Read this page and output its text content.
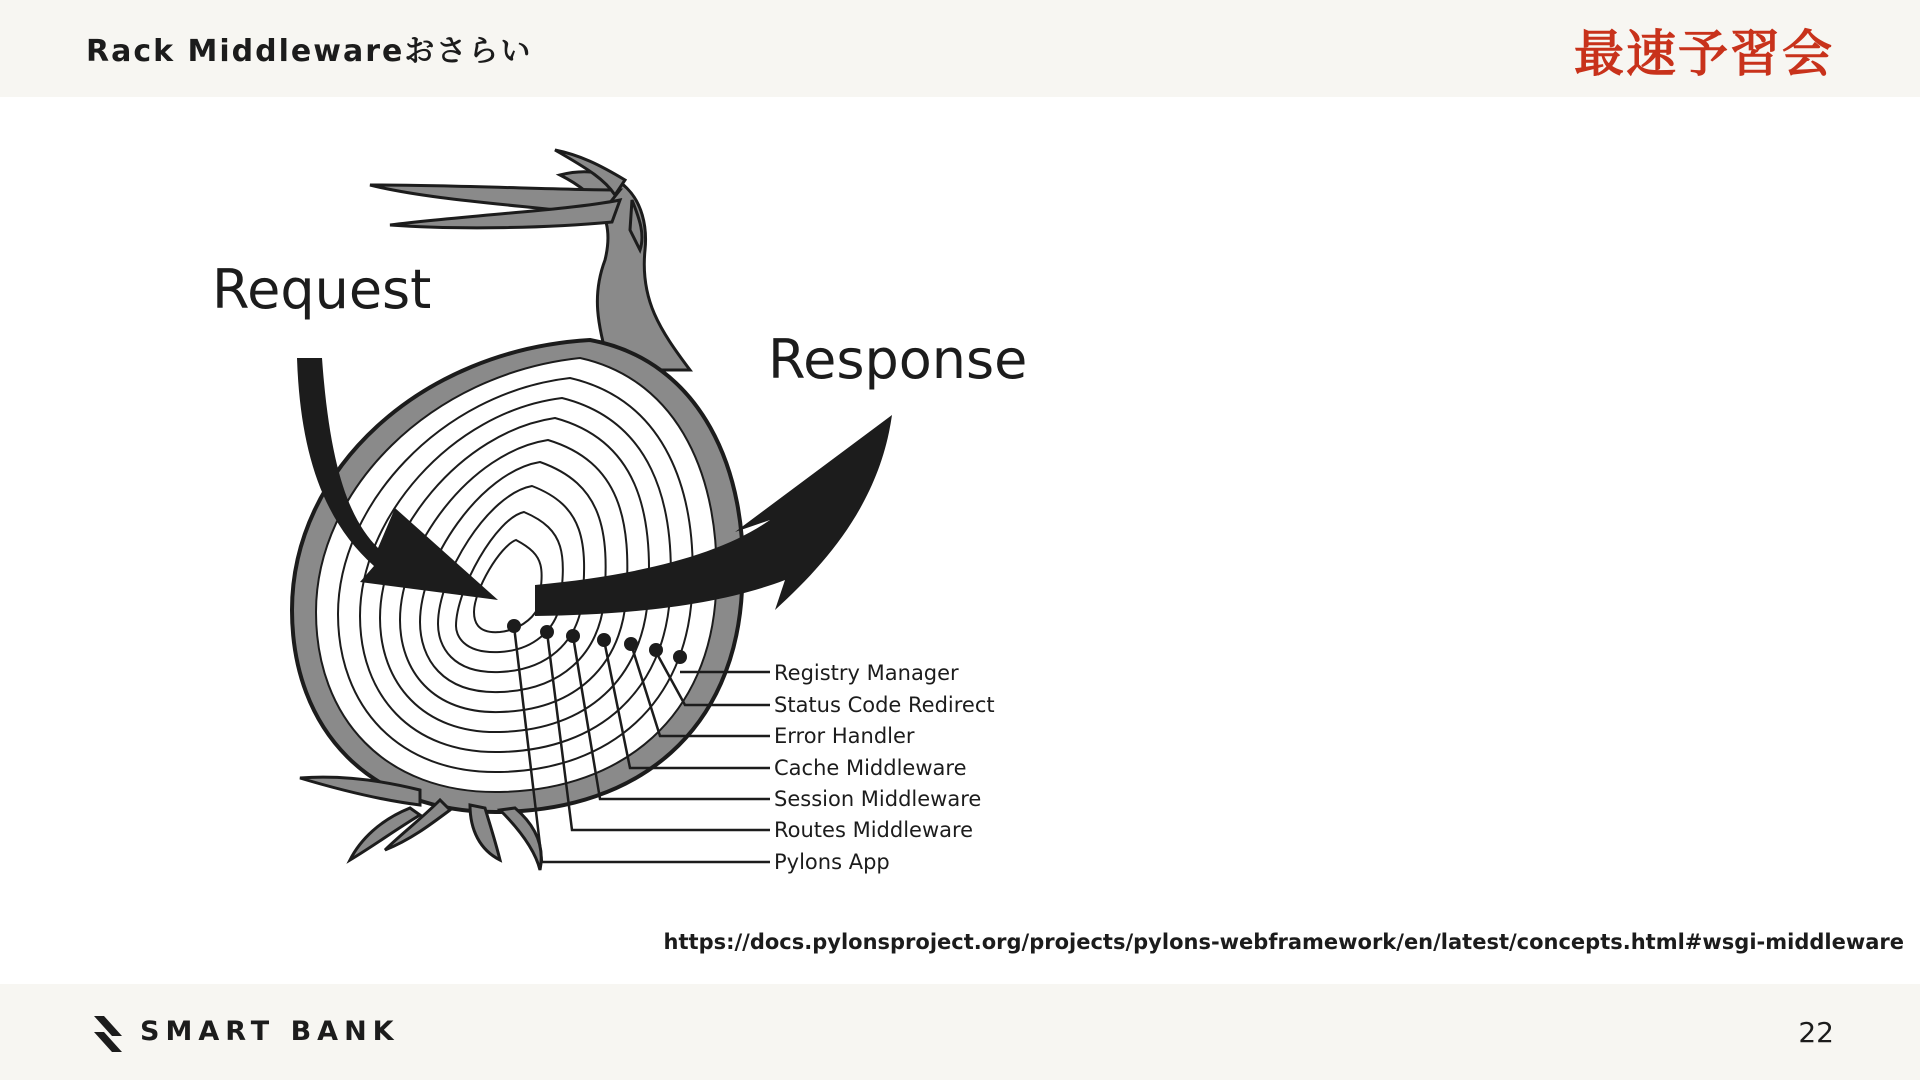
Rack Middlewareおさらい	最速予習会
Request
Response
Registry Manager
Status Code Redirect
Error Handler
Cache Middleware
Session Middleware
Routes Middleware
Pylons App
https://docs.pylonsproject.org/projects/pylons-webframework/en/latest/concepts.html#wsgi-middleware
SMART BANK	22
